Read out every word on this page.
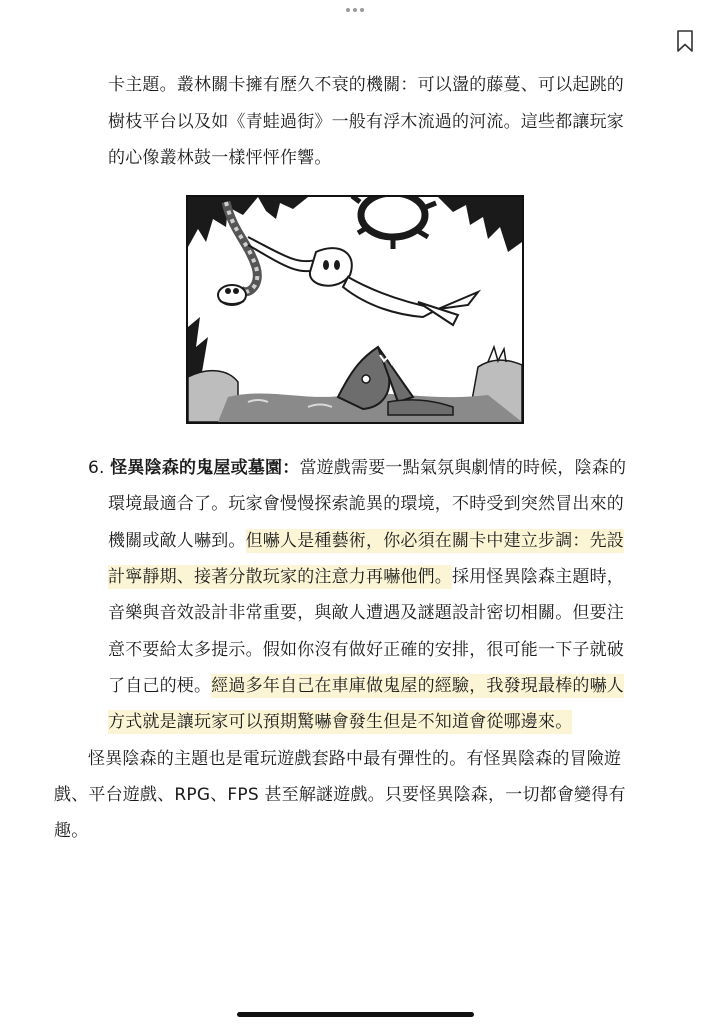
卡主題。叢林關卡擁有歷久不衰的機關：可以盪的藤蔓、可以起跳的
樹枝平台以及如《青蛙過街》一般有浮木流過的河流。這些都讓玩家
的心像叢林鼓一樣怦怦作響。
6. 怪異陰森的鬼屋或墓園：當遊戲需要一點氣氛與劇情的時候，陰森的
環境最適合了。玩家會慢慢探索詭異的環境，不時受到突然冒出來的
機關或敵人嚇到。但嚇人是種藝術，你必須在關卡中建立步調：先設
計寧靜期、接著分散玩家的注意力再嚇他們。採用怪異陰森主題時，
音樂與音效設計非常重要，與敵人遭遇及謎題設計密切相關。但要注
意不要給太多提示。假如你沒有做好正確的安排，很可能一下子就破
了自己的梗。經過多年自己在車庫做鬼屋的經驗，我發現最棒的嚇人
方式就是讓玩家可以預期驚嚇會發生但是不知道會從哪邊來。
怪異陰森的主題也是電玩遊戲套路中最有彈性的。有怪異陰森的冒險遊
戲、平台遊戲、RPG、FPS 甚至解謎遊戲。只要怪異陰森，一切都會變得有
趣。
